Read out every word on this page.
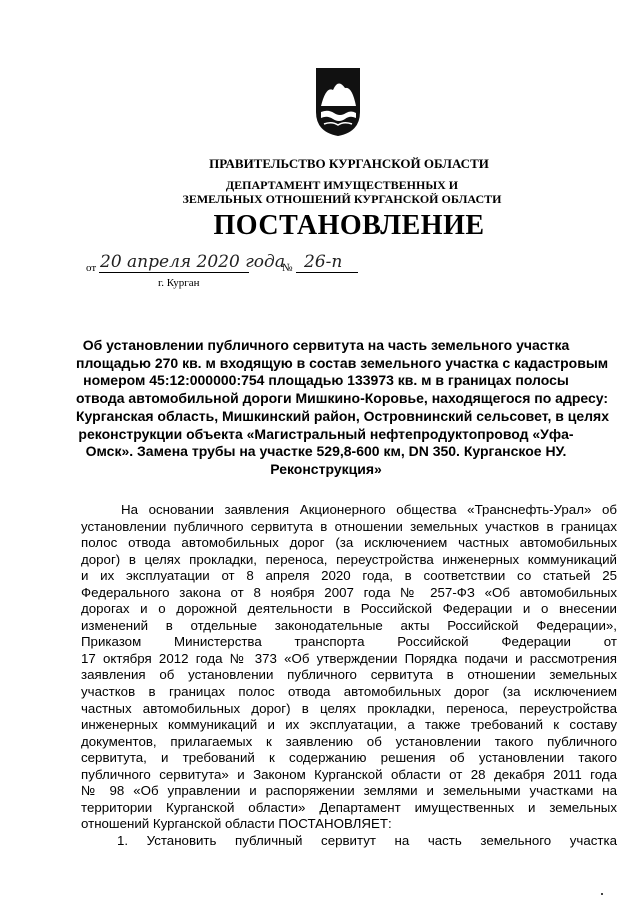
ПРАВИТЕЛЬСТВО КУРГАНСКОЙ ОБЛАСТИ
ДЕПАРТАМЕНТ ИМУЩЕСТВЕННЫХ И
ЗЕМЕЛЬНЫХ ОТНОШЕНИЙ КУРГАНСКОЙ ОБЛАСТИ
ПОСТАНОВЛЕНИЕ
от 20 апреля 2020 года
№ 26-п
г. Курган
Об установлении публичного сервитута на часть земельного участка
площадью 270 кв. м входящую в состав земельного участка с кадастровым
номером 45:12:000000:754 площадью 133973 кв. м в границах полосы
отвода автомобильной дороги Мишкино-Коровье, находящегося по адресу:
Курганская область, Мишкинский район, Островнинский сельсовет, в целях
реконструкции объекта «Магистральный нефтепродуктопровод «Уфа-
Омск». Замена трубы на участке 529,8-600 км, DN 350. Курганское НУ.
Реконструкция»
На основании заявления Акционерного общества «Транснефть-Урал» об
установлении публичного сервитута в отношении земельных участков в границах
полос отвода автомобильных дорог (за исключением частных автомобильных
дорог) в целях прокладки, переноса, переустройства инженерных коммуникаций
и их эксплуатации от 8 апреля 2020 года, в соответствии со статьей 25
Федерального закона от 8 ноября 2007 года № 257-ФЗ «Об автомобильных
дорогах и о дорожной деятельности в Российской Федерации и о внесении
изменений в отдельные законодательные акты Российской Федерации»,
Приказом Министерства транспорта Российской Федерации от
17 октября 2012 года № 373 «Об утверждении Порядка подачи и рассмотрения
заявления об установлении публичного сервитута в отношении земельных
участков в границах полос отвода автомобильных дорог (за исключением
частных автомобильных дорог) в целях прокладки, переноса, переустройства
инженерных коммуникаций и их эксплуатации, а также требований к составу
документов, прилагаемых к заявлению об установлении такого публичного
сервитута, и требований к содержанию решения об установлении такого
публичного сервитута» и Законом Курганской области от 28 декабря 2011 года
№ 98 «Об управлении и распоряжении землями и земельными участками на
территории Курганской области» Департамент имущественных и земельных
отношений Курганской области ПОСТАНОВЛЯЕТ:
1. Установить публичный сервитут на часть земельного участка
